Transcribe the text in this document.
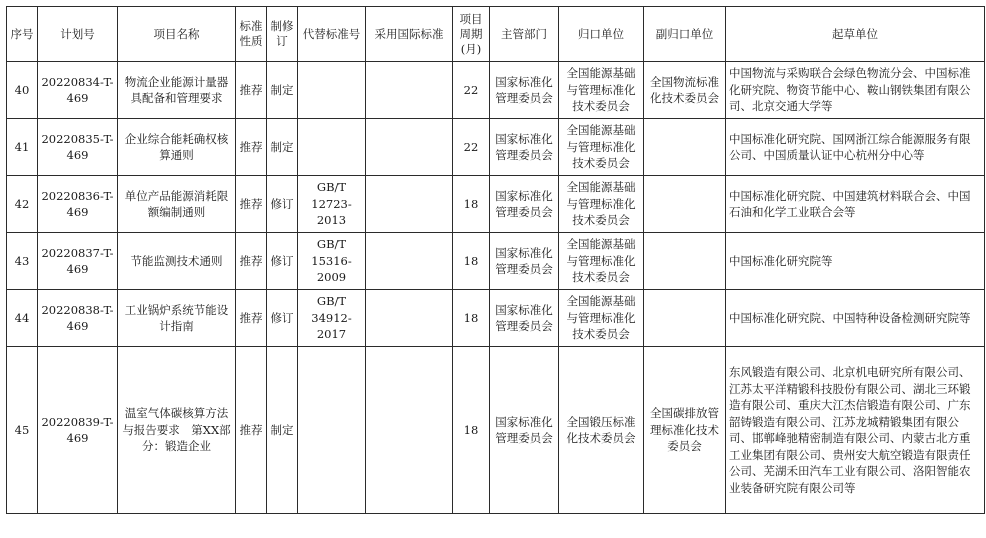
序号	计划号	项目名称	标准性质	制修订	代替标准号	采用国际标准	项目周期(月)	主管部门	归口单位	副归口单位	起草单位
40	20220834-T-469	物流企业能源计量器具配备和管理要求	推荐	制定			22	国家标准化管理委员会	全国能源基础与管理标准化技术委员会	全国物流标准化技术委员会	中国物流与采购联合会绿色物流分会、中国标准化研究院、物资节能中心、鞍山钢铁集团有限公司、北京交通大学等
41	20220835-T-469	企业综合能耗确权核算通则	推荐	制定			22	国家标准化管理委员会	全国能源基础与管理标准化技术委员会		中国标准化研究院、国网浙江综合能源服务有限公司、中国质量认证中心杭州分中心等
42	20220836-T-469	单位产品能源消耗限额编制通则	推荐	修订	GB/T 12723-2013		18	国家标准化管理委员会	全国能源基础与管理标准化技术委员会		中国标准化研究院、中国建筑材料联合会、中国石油和化学工业联合会等
43	20220837-T-469	节能监测技术通则	推荐	修订	GB/T 15316-2009		18	国家标准化管理委员会	全国能源基础与管理标准化技术委员会		中国标准化研究院等
44	20220838-T-469	工业锅炉系统节能设计指南	推荐	修订	GB/T 34912-2017		18	国家标准化管理委员会	全国能源基础与管理标准化技术委员会		中国标准化研究院、中国特种设备检测研究院等
45	20220839-T-469	温室气体碳核算方法与报告要求　第XX部分：锻造企业	推荐	制定			18	国家标准化管理委员会	全国锻压标准化技术委员会	全国碳排放管理标准化技术委员会	东风锻造有限公司、北京机电研究所有限公司、江苏太平洋精锻科技股份有限公司、湖北三环锻造有限公司、重庆大江杰信锻造有限公司、广东韶铸锻造有限公司、江苏龙城精锻集团有限公司、邯郸峰驰精密制造有限公司、内蒙古北方重工业集团有限公司、贵州安大航空锻造有限责任公司、芜湖禾田汽车工业有限公司、洛阳智能农业装备研究院有限公司等
